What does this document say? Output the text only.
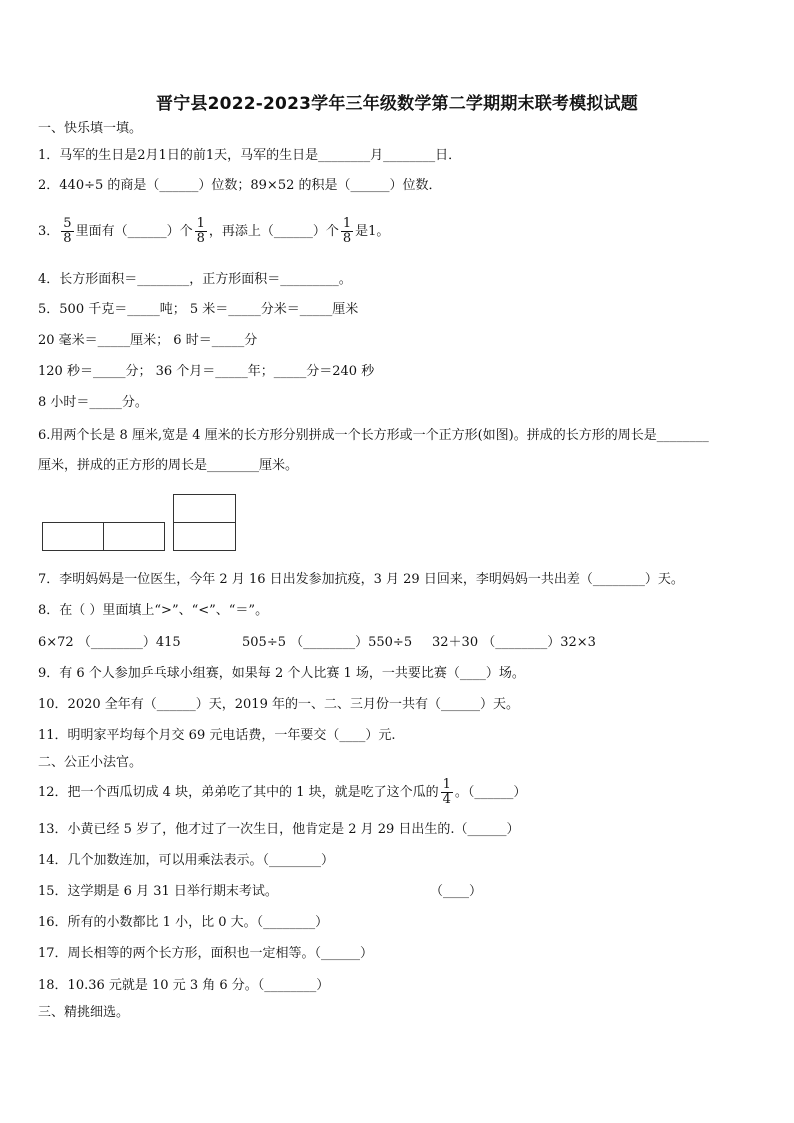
晋宁县2022-2023学年三年级数学第二学期期末联考模拟试题
一、快乐填一填。
1．马军的生日是2月1日的前1天，马军的生日是________月________日．
2．440÷5 的商是（______）位数；89×52 的积是（______）位数．
3． $\frac{5}{8}$ 里面有（______）个 $\frac{1}{8}$ ，再添上（______）个 $\frac{1}{8}$ 是1。
4．长方形面积＝________，正方形面积＝_________。
5．500 千克＝_____吨； 5 米＝_____分米＝_____厘米
20 毫米＝_____厘米； 6 时＝_____分
120 秒＝_____分； 36 个月＝_____年；_____分＝240 秒
8 小时＝_____分。
6.用两个长是 8 厘米,宽是 4 厘米的长方形分别拼成一个长方形或一个正方形(如图)。拼成的长方形的周长是________
厘米，拼成的正方形的周长是________厘米。
7．李明妈妈是一位医生，今年 2 月 16 日出发参加抗疫，3 月 29 日回来，李明妈妈一共出差（________）天。
8．在（ ）里面填上“>”、“<”、“＝”。
6×72 （________）415	505÷5 （________）550÷5 32＋30 （________）32×3
9．有 6 个人参加乒乓球小组赛，如果每 2 个人比赛 1 场，一共要比赛（____）场。
10．2020 全年有（______）天，2019 年的一、二、三月份一共有（______）天。
11．明明家平均每个月交 69 元电话费，一年要交（____）元.
二、公正小法官。
12．把一个西瓜切成 4 块，弟弟吃了其中的 1 块，就是吃了这个瓜的 $\frac{1}{4}$ 。（______）
13．小黄已经 5 岁了，他才过了一次生日，他肯定是 2 月 29 日出生的.（______）
14．几个加数连加，可以用乘法表示。（________）
15．这学期是 6 月 31 日举行期末考试。	（____）
16．所有的小数都比 1 小，比 0 大。（________）
17．周长相等的两个长方形，面积也一定相等。（______）
18．10.36 元就是 10 元 3 角 6 分。（________）
三、精挑细选。
